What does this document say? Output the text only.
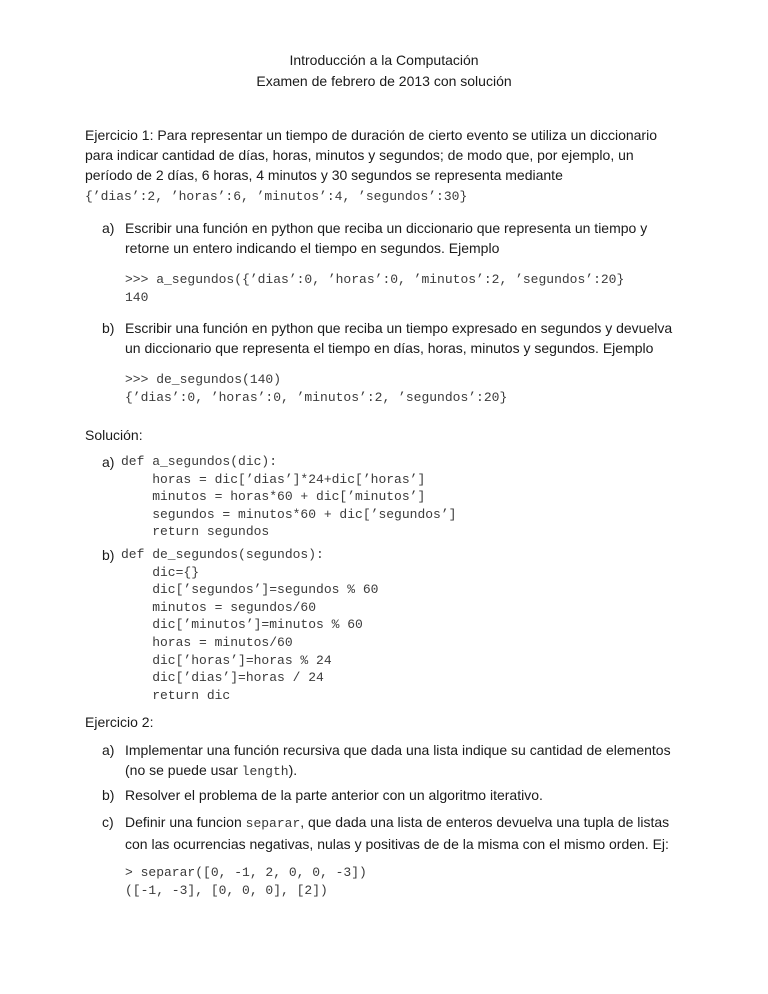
Introducción a la Computación
Examen de febrero de 2013 con solución
Ejercicio 1: Para representar un tiempo de duración de cierto evento se utiliza un diccionario para indicar cantidad de días, horas, minutos y segundos; de modo que, por ejemplo, un período de 2 días, 6 horas, 4 minutos y 30 segundos se representa mediante
{’dias’:2, ’horas’:6, ’minutos’:4, ’segundos’:30}
a) Escribir una función en python que reciba un diccionario que representa un tiempo y retorne un entero indicando el tiempo en segundos. Ejemplo
>>> a_segundos({’dias’:0, ’horas’:0, ’minutos’:2, ’segundos’:20}
140
b) Escribir una función en python que reciba un tiempo expresado en segundos y devuelva un diccionario que representa el tiempo en días, horas, minutos y segundos. Ejemplo
>>> de_segundos(140)
{’dias’:0, ’horas’:0, ’minutos’:2, ’segundos’:20}
Solución:
a) def a_segundos(dic):
horas = dic[’dias’]*24+dic[’horas’]
minutos = horas*60 + dic[’minutos’]
segundos = minutos*60 + dic[’segundos’]
return segundos
b) def de_segundos(segundos):
dic={}
dic[’segundos’]=segundos % 60
minutos = segundos/60
dic[’minutos’]=minutos % 60
horas = minutos/60
dic[’horas’]=horas % 24
dic[’dias’]=horas / 24
return dic
Ejercicio 2:
a) Implementar una función recursiva que dada una lista indique su cantidad de elementos (no se puede usar length).
b) Resolver el problema de la parte anterior con un algoritmo iterativo.
c) Definir una funcion separar, que dada una lista de enteros devuelva una tupla de listas con las ocurrencias negativas, nulas y positivas de de la misma con el mismo orden. Ej:
> separar([0, -1, 2, 0, 0, -3])
([-1, -3], [0, 0, 0], [2])
